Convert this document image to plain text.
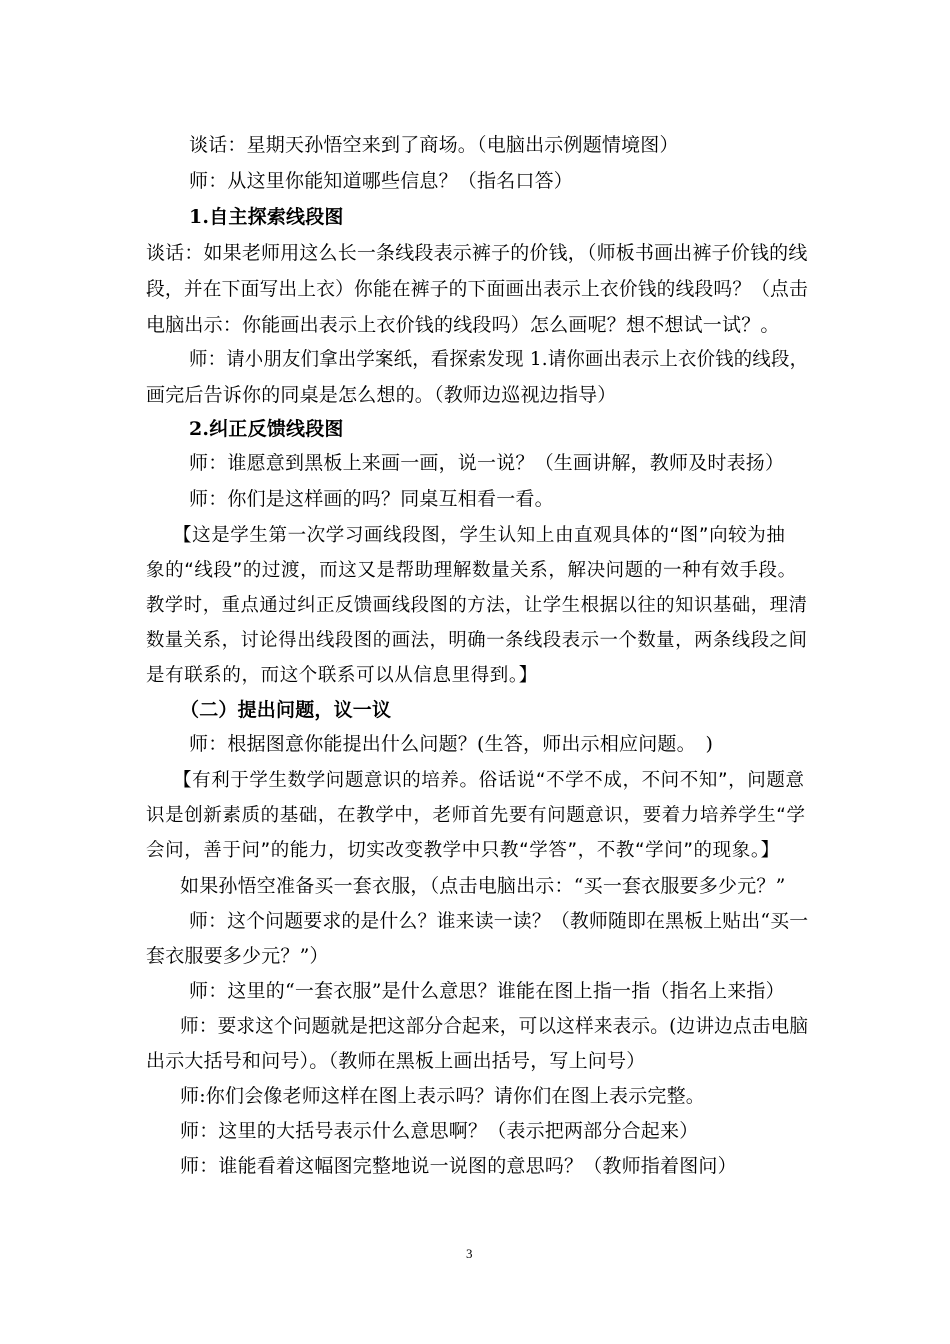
谈话：星期天孙悟空来到了商场。（电脑出示例题情境图）
师：从这里你能知道哪些信息？（指名口答）
1.自主探索线段图
谈话：如果老师用这么长一条线段表示裤子的价钱，（师板书画出裤子价钱的线
段，并在下面写出上衣）你能在裤子的下面画出表示上衣价钱的线段吗？（点击
电脑出示：你能画出表示上衣价钱的线段吗）怎么画呢？想不想试一试？。
师：请小朋友们拿出学案纸，看探索发现 1.请你画出表示上衣价钱的线段，
画完后告诉你的同桌是怎么想的。（教师边巡视边指导）
2.纠正反馈线段图
师：谁愿意到黑板上来画一画，说一说？（生画讲解，教师及时表扬）
师：你们是这样画的吗？同桌互相看一看。
【这是学生第一次学习画线段图，学生认知上由直观具体的“图”向较为抽
象的“线段”的过渡，而这又是帮助理解数量关系，解决问题的一种有效手段。
教学时，重点通过纠正反馈画线段图的方法，让学生根据以往的知识基础，理清
数量关系，讨论得出线段图的画法，明确一条线段表示一个数量，两条线段之间
是有联系的，而这个联系可以从信息里得到。】
（二）提出问题，议一议
师：根据图意你能提出什么问题？(生答，师出示相应问题。　)
【有利于学生数学问题意识的培养。俗话说“不学不成，不问不知”，问题意
识是创新素质的基础，在教学中，老师首先要有问题意识，要着力培养学生“学
会问，善于问”的能力，切实改变教学中只教“学答”，不教“学问”的现象。】
如果孙悟空准备买一套衣服，（点击电脑出示：“买一套衣服要多少元？”
师：这个问题要求的是什么？谁来读一读？（教师随即在黑板上贴出“买一
套衣服要多少元？”）
师：这里的“一套衣服”是什么意思？谁能在图上指一指（指名上来指）
师：要求这个问题就是把这部分合起来，可以这样来表示。(边讲边点击电脑
出示大括号和问号）。（教师在黑板上画出括号，写上问号）
师:你们会像老师这样在图上表示吗？请你们在图上表示完整。
师：这里的大括号表示什么意思啊？（表示把两部分合起来）
师：谁能看着这幅图完整地说一说图的意思吗？（教师指着图问）
3
